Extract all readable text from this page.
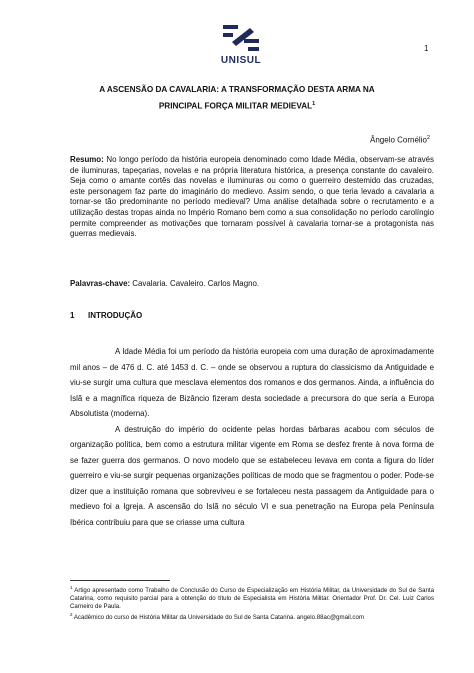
UNISUL
1
A ASCENSÃO DA CAVALARIA: A TRANSFORMAÇÃO DESTA ARMA NA
PRINCIPAL FORÇA MILITAR MEDIEVAL$^1$
Ângelo Cornélio$^2$
Resumo: No longo período da história europeia denominado como Idade Média, observam-se através de iluminuras, tapeçarias, novelas e na própria literatura histórica, a presença constante do cavaleiro. Seja como o amante cortês das novelas e iluminuras ou como o guerreiro destemido das cruzadas, este personagem faz parte do imaginário do medievo. Assim sendo, o que teria levado a cavalaria a tornar-se tão predominante no período medieval? Uma análise detalhada sobre o recrutamento e a utilização destas tropas ainda no Império Romano bem como a sua consolidação no período carolíngio permite compreender as motivações que tornaram possível à cavalaria tornar-se a protagonista nas guerras medievais.
Palavras-chave: Cavalaria. Cavaleiro. Carlos Magno.
1 INTRODUÇÃO

A Idade Média foi um período da história europeia com uma duração de aproximadamente mil anos – de 476 d. C. até 1453 d. C. – onde se observou a ruptura do classicismo da Antiguidade e viu-se surgir uma cultura que mesclava elementos dos romanos e dos germanos. Ainda, a influência do Islã e a magnífica riqueza de Bizâncio fizeram desta sociedade a precursora do que seria a Europa Absolutista (moderna).

A destruição do império do ocidente pelas hordas bárbaras acabou com séculos de organização política, bem como a estrutura militar vigente em Roma se desfez frente à nova forma de se fazer guerra dos germanos. O novo modelo que se estabeleceu levava em conta a figura do líder guerreiro e viu-se surgir pequenas organizações políticas de modo que se fragmentou o poder. Pode-se dizer que a instituição romana que sobreviveu e se fortaleceu nesta passagem da Antiguidade para o medievo foi a Igreja. A ascensão do Islã no século VI e sua penetração na Europa pela Península Ibérica contribuiu para que se criasse uma cultura

$^1$ Artigo apresentado como Trabalho de Conclusão do Curso de Especialização em História Militar, da Universidade do Sul de Santa Catarina, como requisito parcial para a obtenção do título de Especialista em História Militar. Orientador Prof. Dr. Cel. Luiz Carlos Carneiro de Paula.

$^2$ Acadêmico do curso de História Militar da Universidade do Sul de Santa Catarina. angelo.88ac@gmail.com
